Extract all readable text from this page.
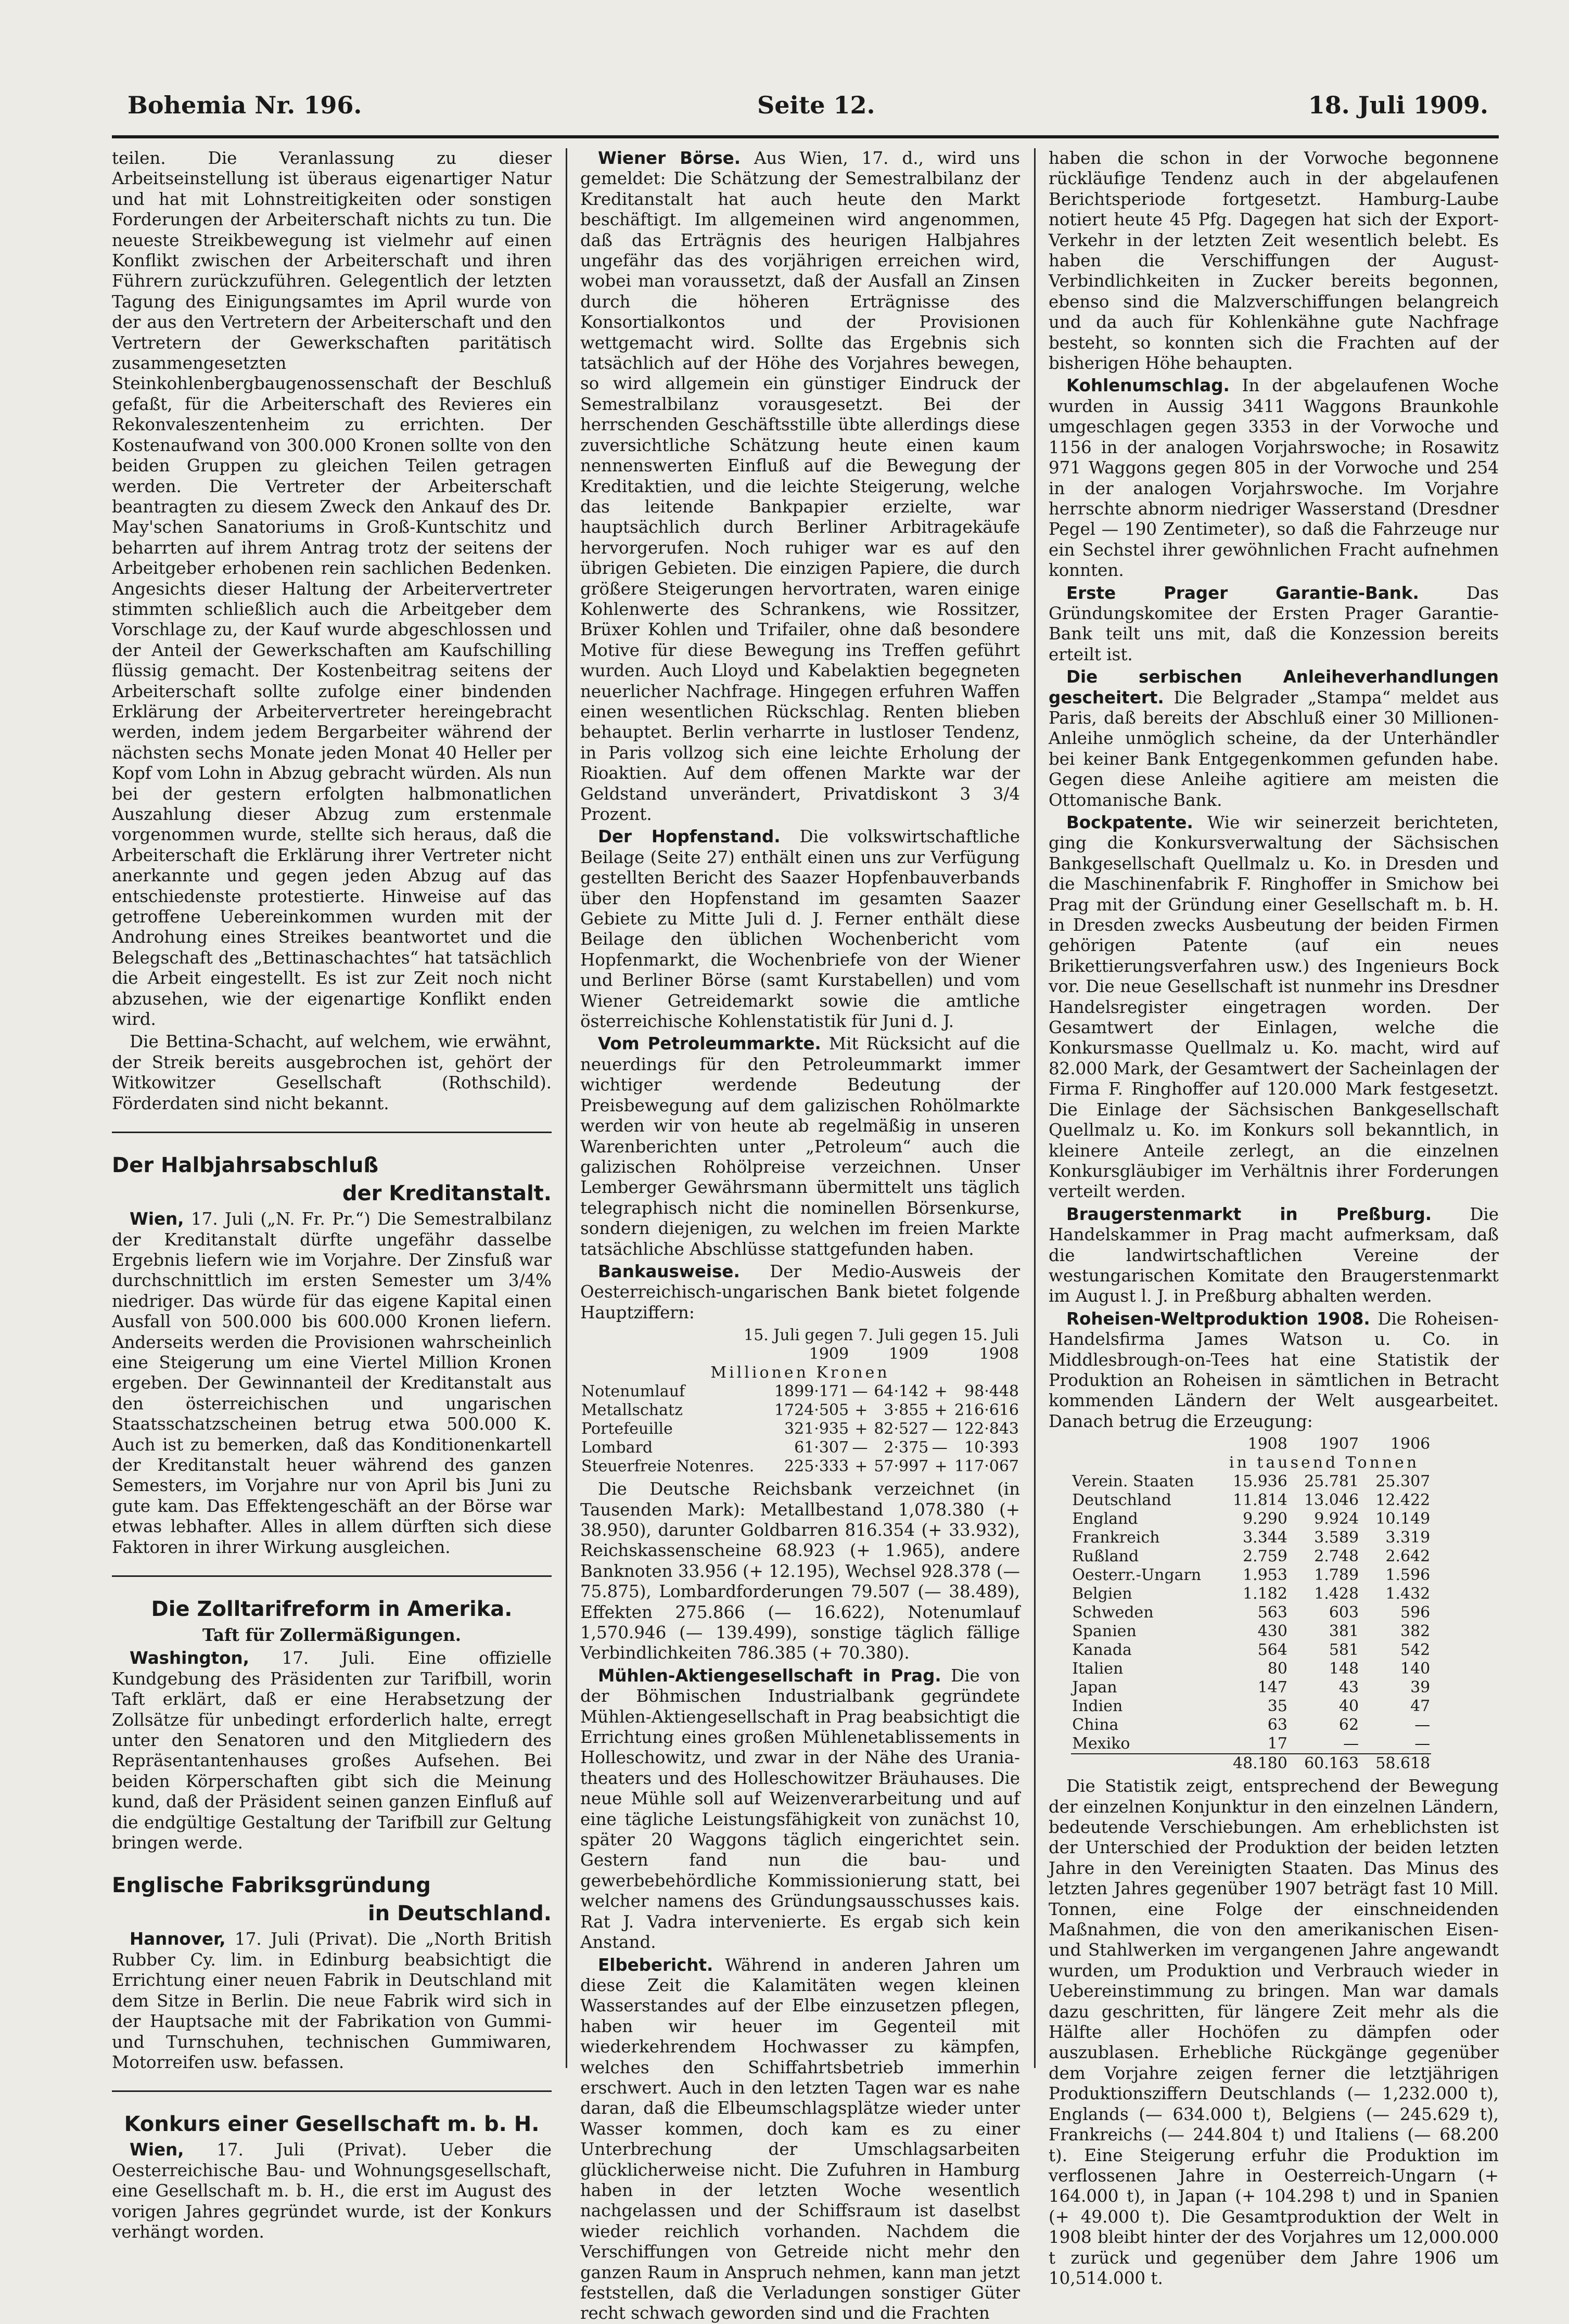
Bohemia Nr. 196.	Seite 12.	18. Juli 1909.

teilen. Die Veranlassung zu dieser Arbeitseinstellung ist überaus eigenartiger Natur und hat mit Lohnstreitigkeiten oder sonstigen Forderungen der Arbeiterschaft nichts zu tun. Die neueste Streikbewegung ist vielmehr auf einen Konflikt zwischen der Arbeiterschaft und ihren Führern zurückzuführen. Gelegentlich der letzten Tagung des Einigungsamtes im April wurde von der aus den Vertretern der Arbeiterschaft und den Vertretern der Gewerkschaften paritätisch zusammengesetzten Steinkohlenbergbaugenossenschaft der Beschluß gefaßt, für die Arbeiterschaft des Revieres ein Rekonvaleszentenheim zu errichten. Der Kostenaufwand von 300.000 Kronen sollte von den beiden Gruppen zu gleichen Teilen getragen werden. Die Vertreter der Arbeiterschaft beantragten zu diesem Zweck den Ankauf des Dr. May'schen Sanatoriums in Groß-Kuntschitz und beharrten auf ihrem Antrag trotz der seitens der Arbeitgeber erhobenen rein sachlichen Bedenken. Angesichts dieser Haltung der Arbeitervertreter stimmten schließlich auch die Arbeitgeber dem Vorschlage zu, der Kauf wurde abgeschlossen und der Anteil der Gewerkschaften am Kaufschilling flüssig gemacht. Der Kostenbeitrag seitens der Arbeiterschaft sollte zufolge einer bindenden Erklärung der Arbeitervertreter hereingebracht werden, indem jedem Bergarbeiter während der nächsten sechs Monate jeden Monat 40 Heller per Kopf vom Lohn in Abzug gebracht würden. Als nun bei der gestern erfolgten halbmonatlichen Auszahlung dieser Abzug zum erstenmale vorgenommen wurde, stellte sich heraus, daß die Arbeiterschaft die Erklärung ihrer Vertreter nicht anerkannte und gegen jeden Abzug auf das entschiedenste protestierte. Hinweise auf das getroffene Uebereinkommen wurden mit der Androhung eines Streikes beantwortet und die Belegschaft des „Bettinaschachtes“ hat tatsächlich die Arbeit eingestellt. Es ist zur Zeit noch nicht abzusehen, wie der eigenartige Konflikt enden wird.

Die Bettina-Schacht, auf welchem, wie erwähnt, der Streik bereits ausgebrochen ist, gehört der Witkowitzer Gesellschaft (Rothschild). Förderdaten sind nicht bekannt.

Der Halbjahrsabschluß
der Kreditanstalt.

Wien, 17. Juli („N. Fr. Pr.“) Die Semestralbilanz der Kreditanstalt dürfte ungefähr dasselbe Ergebnis liefern wie im Vorjahre. Der Zinsfuß war durchschnittlich im ersten Semester um 3/4% niedriger. Das würde für das eigene Kapital einen Ausfall von 500.000 bis 600.000 Kronen liefern. Anderseits werden die Provisionen wahrscheinlich eine Steigerung um eine Viertel Million Kronen ergeben. Der Gewinnanteil der Kreditanstalt aus den österreichischen und ungarischen Staatsschatzscheinen betrug etwa 500.000 K. Auch ist zu bemerken, daß das Konditionenkartell der Kreditanstalt heuer während des ganzen Semesters, im Vorjahre nur von April bis Juni zu gute kam. Das Effektengeschäft an der Börse war etwas lebhafter. Alles in allem dürften sich diese Faktoren in ihrer Wirkung ausgleichen.

Die Zolltarifreform in Amerika.

Taft für Zollermäßigungen.

Washington, 17. Juli. Eine offizielle Kundgebung des Präsidenten zur Tarifbill, worin Taft erklärt, daß er eine Herabsetzung der Zollsätze für unbedingt erforderlich halte, erregt unter den Senatoren und den Mitgliedern des Repräsentantenhauses großes Aufsehen. Bei beiden Körperschaften gibt sich die Meinung kund, daß der Präsident seinen ganzen Einfluß auf die endgültige Gestaltung der Tarifbill zur Geltung bringen werde.

Englische Fabriksgründung
in Deutschland.

Hannover, 17. Juli (Privat). Die „North British Rubber Cy. lim. in Edinburg beabsichtigt die Errichtung einer neuen Fabrik in Deutschland mit dem Sitze in Berlin. Die neue Fabrik wird sich in der Hauptsache mit der Fabrikation von Gummi- und Turnschuhen, technischen Gummiwaren, Motorreifen usw. befassen.

Konkurs einer Gesellschaft m. b. H.

Wien, 17. Juli (Privat). Ueber die Oesterreichische Bau- und Wohnungsgesellschaft, eine Gesellschaft m. b. H., die erst im August des vorigen Jahres gegründet wurde, ist der Konkurs verhängt worden.

Wiener Börse. Aus Wien, 17. d., wird uns gemeldet: Die Schätzung der Semestralbilanz der Kreditanstalt hat auch heute den Markt beschäftigt. Im allgemeinen wird angenommen, daß das Erträgnis des heurigen Halbjahres ungefähr das des vorjährigen erreichen wird, wobei man voraussetzt, daß der Ausfall an Zinsen durch die höheren Erträgnisse des Konsortialkontos und der Provisionen wettgemacht wird. Sollte das Ergebnis sich tatsächlich auf der Höhe des Vorjahres bewegen, so wird allgemein ein günstiger Eindruck der Semestralbilanz vorausgesetzt. Bei der herrschenden Geschäftsstille übte allerdings diese zuversichtliche Schätzung heute einen kaum nennenswerten Einfluß auf die Bewegung der Kreditaktien, und die leichte Steigerung, welche das leitende Bankpapier erzielte, war hauptsächlich durch Berliner Arbitragekäufe hervorgerufen. Noch ruhiger war es auf den übrigen Gebieten. Die einzigen Papiere, die durch größere Steigerungen hervortraten, waren einige Kohlenwerte des Schrankens, wie Rossitzer, Brüxer Kohlen und Trifailer, ohne daß besondere Motive für diese Bewegung ins Treffen geführt wurden. Auch Lloyd und Kabelaktien begegneten neuerlicher Nachfrage. Hingegen erfuhren Waffen einen wesentlichen Rückschlag. Renten blieben behauptet. Berlin verharrte in lustloser Tendenz, in Paris vollzog sich eine leichte Erholung der Rioaktien. Auf dem offenen Markte war der Geldstand unverändert, Privatdiskont 3 3/4 Prozent.

Der Hopfenstand. Die volkswirtschaftliche Beilage (Seite 27) enthält einen uns zur Verfügung gestellten Bericht des Saazer Hopfenbauverbands über den Hopfenstand im gesamten Saazer Gebiete zu Mitte Juli d. J. Ferner enthält diese Beilage den üblichen Wochenbericht vom Hopfenmarkt, die Wochenbriefe von der Wiener und Berliner Börse (samt Kurstabellen) und vom Wiener Getreidemarkt sowie die amtliche österreichische Kohlenstatistik für Juni d. J.

Vom Petroleummarkte. Mit Rücksicht auf die neuerdings für den Petroleummarkt immer wichtiger werdende Bedeutung der Preisbewegung auf dem galizischen Rohölmarkte werden wir von heute ab regelmäßig in unseren Warenberichten unter „Petroleum“ auch die galizischen Rohölpreise verzeichnen. Unser Lemberger Gewährsmann übermittelt uns täglich telegraphisch nicht die nominellen Börsenkurse, sondern diejenigen, zu welchen im freien Markte tatsächliche Abschlüsse stattgefunden haben.

Bankausweise. Der Medio-Ausweis der Oesterreichisch-ungarischen Bank bietet folgende Hauptziffern:

15. Juli gegen 7. Juli gegen 15. Juli					
	1909		1909		1908
Millionen Kronen					
Notenumlauf	1899·171	—	64·142	+	98·448
Metallschatz	1724·505	+	3·855	+	216·616
Portefeuille	321·935	+	82·527	—	122·843
Lombard	61·307	—	2·375	—	10·393
Steuerfreie Notenres.	225·333	+	57·997	+	117·067

Die Deutsche Reichsbank verzeichnet (in Tausenden Mark): Metallbestand 1,078.380 (+ 38.950), darunter Goldbarren 816.354 (+ 33.932), Reichskassenscheine 68.923 (+ 1.965), andere Banknoten 33.956 (+ 12.195), Wechsel 928.378 (— 75.875), Lombardforderungen 79.507 (— 38.489), Effekten 275.866 (— 16.622), Notenumlauf 1,570.946 (— 139.499), sonstige täglich fällige Verbindlichkeiten 786.385 (+ 70.380).

Mühlen-Aktiengesellschaft in Prag. Die von der Böhmischen Industrialbank gegründete Mühlen-Aktiengesellschaft in Prag beabsichtigt die Errichtung eines großen Mühlenetablissements in Holleschowitz, und zwar in der Nähe des Urania-theaters und des Holleschowitzer Bräuhauses. Die neue Mühle soll auf Weizenverarbeitung und auf eine tägliche Leistungsfähigkeit von zunächst 10, später 20 Waggons täglich eingerichtet sein. Gestern fand nun die bau- und gewerbebehördliche Kommissionierung statt, bei welcher namens des Gründungsausschusses kais. Rat J. Vadra intervenierte. Es ergab sich kein Anstand.

Elbebericht. Während in anderen Jahren um diese Zeit die Kalamitäten wegen kleinen Wasserstandes auf der Elbe einzusetzen pflegen, haben wir heuer im Gegenteil mit wiederkehrendem Hochwasser zu kämpfen, welches den Schiffahrtsbetrieb immerhin erschwert. Auch in den letzten Tagen war es nahe daran, daß die Elbeumschlagsplätze wieder unter Wasser kommen, doch kam es zu einer Unterbrechung der Umschlagsarbeiten glücklicherweise nicht. Die Zufuhren in Hamburg haben in der letzten Woche wesentlich nachgelassen und der Schiffsraum ist daselbst wieder reichlich vorhanden. Nachdem die Verschiffungen von Getreide nicht mehr den ganzen Raum in Anspruch nehmen, kann man jetzt feststellen, daß die Verladungen sonstiger Güter recht schwach geworden sind und die Frachten

haben die schon in der Vorwoche begonnene rückläufige Tendenz auch in der abgelaufenen Berichtsperiode fortgesetzt. Hamburg-Laube notiert heute 45 Pfg. Dagegen hat sich der Export-Verkehr in der letzten Zeit wesentlich belebt. Es haben die Verschiffungen der August-Verbindlichkeiten in Zucker bereits begonnen, ebenso sind die Malzverschiffungen belangreich und da auch für Kohlenkähne gute Nachfrage besteht, so konnten sich die Frachten auf der bisherigen Höhe behaupten.

Kohlenumschlag. In der abgelaufenen Woche wurden in Aussig 3411 Waggons Braunkohle umgeschlagen gegen 3353 in der Vorwoche und 1156 in der analogen Vorjahrswoche; in Rosawitz 971 Waggons gegen 805 in der Vorwoche und 254 in der analogen Vorjahrswoche. Im Vorjahre herrschte abnorm niedriger Wasserstand (Dresdner Pegel — 190 Zentimeter), so daß die Fahrzeuge nur ein Sechstel ihrer gewöhnlichen Fracht aufnehmen konnten.

Erste Prager Garantie-Bank. Das Gründungskomitee der Ersten Prager Garantie-Bank teilt uns mit, daß die Konzession bereits erteilt ist.

Die serbischen Anleiheverhandlungen gescheitert. Die Belgrader „Stampa“ meldet aus Paris, daß bereits der Abschluß einer 30 Millionen-Anleihe unmöglich scheine, da der Unterhändler bei keiner Bank Entgegenkommen gefunden habe. Gegen diese Anleihe agitiere am meisten die Ottomanische Bank.

Bockpatente. Wie wir seinerzeit berichteten, ging die Konkursverwaltung der Sächsischen Bankgesellschaft Quellmalz u. Ko. in Dresden und die Maschinenfabrik F. Ringhoffer in Smichow bei Prag mit der Gründung einer Gesellschaft m. b. H. in Dresden zwecks Ausbeutung der beiden Firmen gehörigen Patente (auf ein neues Brikettierungsverfahren usw.) des Ingenieurs Bock vor. Die neue Gesellschaft ist nunmehr ins Dresdner Handelsregister eingetragen worden. Der Gesamtwert der Einlagen, welche die Konkursmasse Quellmalz u. Ko. macht, wird auf 82.000 Mark, der Gesamtwert der Sacheinlagen der Firma F. Ringhoffer auf 120.000 Mark festgesetzt. Die Einlage der Sächsischen Bankgesellschaft Quellmalz u. Ko. im Konkurs soll bekanntlich, in kleinere Anteile zerlegt, an die einzelnen Konkursgläubiger im Verhältnis ihrer Forderungen verteilt werden.

Braugerstenmarkt in Preßburg. Die Handelskammer in Prag macht aufmerksam, daß die landwirtschaftlichen Vereine der westungarischen Komitate den Braugerstenmarkt im August l. J. in Preßburg abhalten werden.

Roheisen-Weltproduktion 1908. Die Roheisen-Handelsfirma James Watson u. Co. in Middlesbrough-on-Tees hat eine Statistik der Produktion an Roheisen in sämtlichen in Betracht kommenden Ländern der Welt ausgearbeitet. Danach betrug die Erzeugung:

	1908	1907	1906
	in tausend Tonnen		
Verein. Staaten	15.936	25.781	25.307
Deutschland	11.814	13.046	12.422
England	9.290	9.924	10.149
Frankreich	3.344	3.589	3.319
Rußland	2.759	2.748	2.642
Oesterr.-Ungarn	1.953	1.789	1.596
Belgien	1.182	1.428	1.432
Schweden	563	603	596
Spanien	430	381	382
Kanada	564	581	542
Italien	80	148	140
Japan	147	43	39
Indien	35	40	47
China	63	62	—
Mexiko	17	—	—
	48.180	60.163	58.618

Die Statistik zeigt, entsprechend der Bewegung der einzelnen Konjunktur in den einzelnen Ländern, bedeutende Verschiebungen. Am erheblichsten ist der Unterschied der Produktion der beiden letzten Jahre in den Vereinigten Staaten. Das Minus des letzten Jahres gegenüber 1907 beträgt fast 10 Mill. Tonnen, eine Folge der einschneidenden Maßnahmen, die von den amerikanischen Eisen- und Stahlwerken im vergangenen Jahre angewandt wurden, um Produktion und Verbrauch wieder in Uebereinstimmung zu bringen. Man war damals dazu geschritten, für längere Zeit mehr als die Hälfte aller Hochöfen zu dämpfen oder auszublasen. Erhebliche Rückgänge gegenüber dem Vorjahre zeigen ferner die letztjährigen Produktionsziffern Deutschlands (— 1,232.000 t), Englands (— 634.000 t), Belgiens (— 245.629 t), Frankreichs (— 244.804 t) und Italiens (— 68.200 t). Eine Steigerung erfuhr die Produktion im verflossenen Jahre in Oesterreich-Ungarn (+ 164.000 t), in Japan (+ 104.298 t) und in Spanien (+ 49.000 t). Die Gesamtproduktion der Welt in 1908 bleibt hinter der des Vorjahres um 12,000.000 t zurück und gegenüber dem Jahre 1906 um 10,514.000 t.
